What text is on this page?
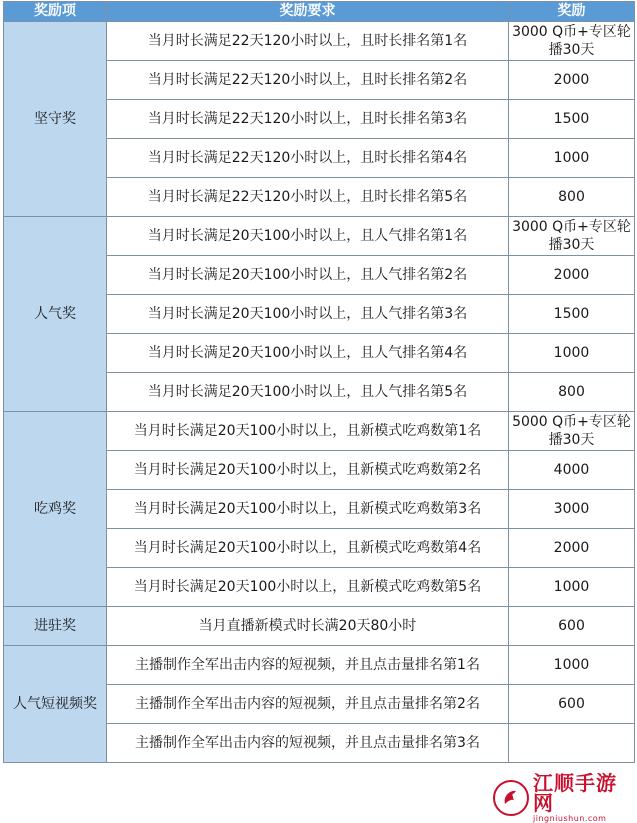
奖励项	奖励要求	奖励
坚守奖	当月时长满足22天120小时以上，且时长排名第1名	3000 Q币+专区轮播30天
	当月时长满足22天120小时以上，且时长排名第2名	2000
	当月时长满足22天120小时以上，且时长排名第3名	1500
	当月时长满足22天120小时以上，且时长排名第4名	1000
	当月时长满足22天120小时以上，且时长排名第5名	800
人气奖	当月时长满足20天100小时以上，且人气排名第1名	3000 Q币+专区轮播30天
	当月时长满足20天100小时以上，且人气排名第2名	2000
	当月时长满足20天100小时以上，且人气排名第3名	1500
	当月时长满足20天100小时以上，且人气排名第4名	1000
	当月时长满足20天100小时以上，且人气排名第5名	800
吃鸡奖	当月时长满足20天100小时以上，且新模式吃鸡数第1名	5000 Q币+专区轮播30天
	当月时长满足20天100小时以上，且新模式吃鸡数第2名	4000
	当月时长满足20天100小时以上，且新模式吃鸡数第3名	3000
	当月时长满足20天100小时以上，且新模式吃鸡数第4名	2000
	当月时长满足20天100小时以上，且新模式吃鸡数第5名	1000
进驻奖	当月直播新模式时长满20天80小时	600
人气短视频奖	主播制作全军出击内容的短视频，并且点击量排名第1名	1000
	主播制作全军出击内容的短视频，并且点击量排名第2名	600
	主播制作全军出击内容的短视频，并且点击量排名第3名	
江顺手游网
jingniushun.com
